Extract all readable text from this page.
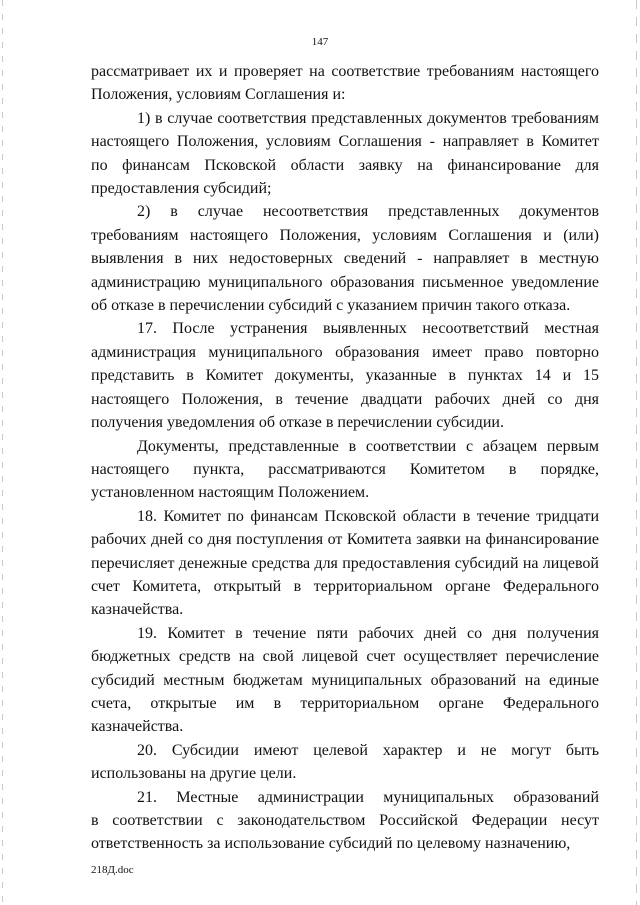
147

рассматривает их и проверяет на соответствие требованиям настоящего
Положения, условиям Соглашения и:

1) в случае соответствия представленных документов требованиям
настоящего Положения, условиям Соглашения - направляет в Комитет
по финансам Псковской области заявку на финансирование для
предоставления субсидий;

2) в случае несоответствия представленных документов
требованиям настоящего Положения, условиям Соглашения и (или)
выявления в них недостоверных сведений - направляет в местную
администрацию муниципального образования письменное уведомление
об отказе в перечислении субсидий с указанием причин такого отказа.

17. После устранения выявленных несоответствий местная
администрация муниципального образования имеет право повторно
представить в Комитет документы, указанные в пунктах 14 и 15
настоящего Положения, в течение двадцати рабочих дней со дня
получения уведомления об отказе в перечислении субсидии.

Документы, представленные в соответствии с абзацем первым
настоящего пункта, рассматриваются Комитетом в порядке,
установленном настоящим Положением.

18. Комитет по финансам Псковской области в течение тридцати
рабочих дней со дня поступления от Комитета заявки на финансирование
перечисляет денежные средства для предоставления субсидий на лицевой
счет Комитета, открытый в территориальном органе Федерального
казначейства.

19. Комитет в течение пяти рабочих дней со дня получения
бюджетных средств на свой лицевой счет осуществляет перечисление
субсидий местным бюджетам муниципальных образований на единые
счета, открытые им в территориальном органе Федерального
казначейства.

20. Субсидии имеют целевой характер и не могут быть
использованы на другие цели.

21. Местные администрации муниципальных образований
в соответствии с законодательством Российской Федерации несут
ответственность за использование субсидий по целевому назначению,

218Д.doc
